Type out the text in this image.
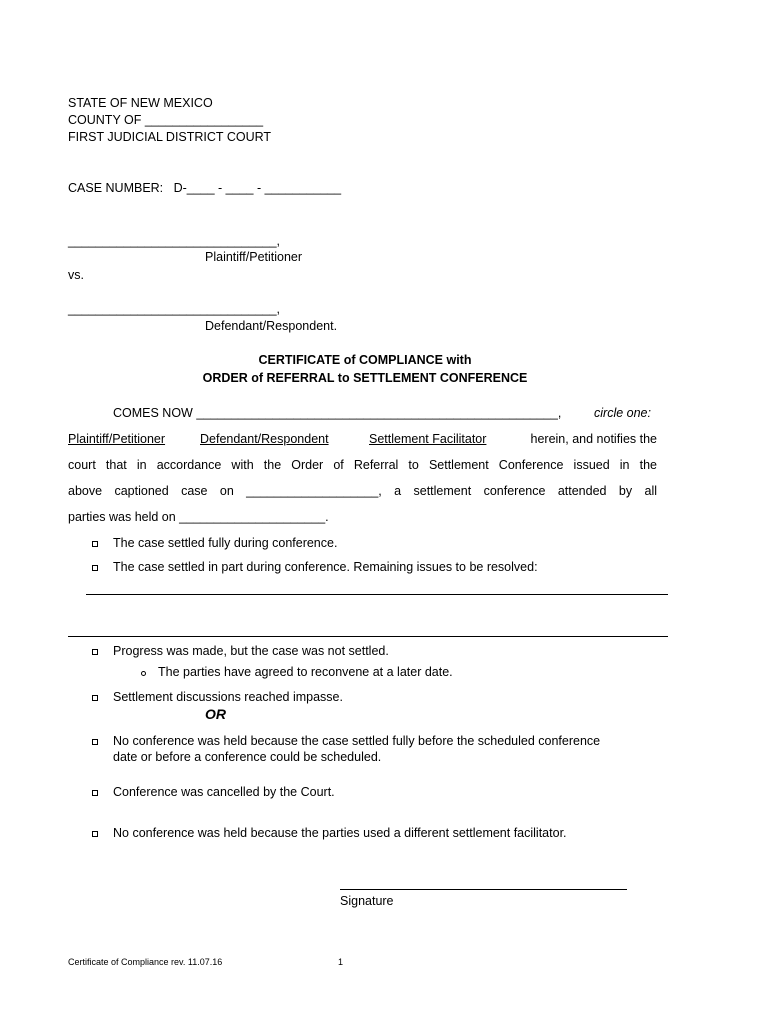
STATE OF NEW MEXICO
COUNTY OF _________________
FIRST JUDICIAL DISTRICT COURT
CASE NUMBER:   D-____ - ____ - ___________
______________________________,
Plaintiff/Petitioner
vs.
______________________________,
Defendant/Respondent.
CERTIFICATE of COMPLIANCE with
ORDER of REFERRAL to SETTLEMENT CONFERENCE
COMES NOW ____________________________________________________,	circle one:
Plaintiff/Petitioner	Defendant/Respondent	Settlement Facilitator	herein, and notifies the
court that in accordance with the Order of Referral to Settlement Conference issued in the
above captioned case on ___________________, a settlement conference attended by all
parties was held on _____________________.
The case settled fully during conference.
The case settled in part during conference. Remaining issues to be resolved:
Progress was made, but the case was not settled.
The parties have agreed to reconvene at a later date.
Settlement discussions reached impasse.
OR
No conference was held because the case settled fully before the scheduled conference
date or before a conference could be scheduled.
Conference was cancelled by the Court.
No conference was held because the parties used a different settlement facilitator.
Signature
Certificate of Compliance rev. 11.07.16	1
